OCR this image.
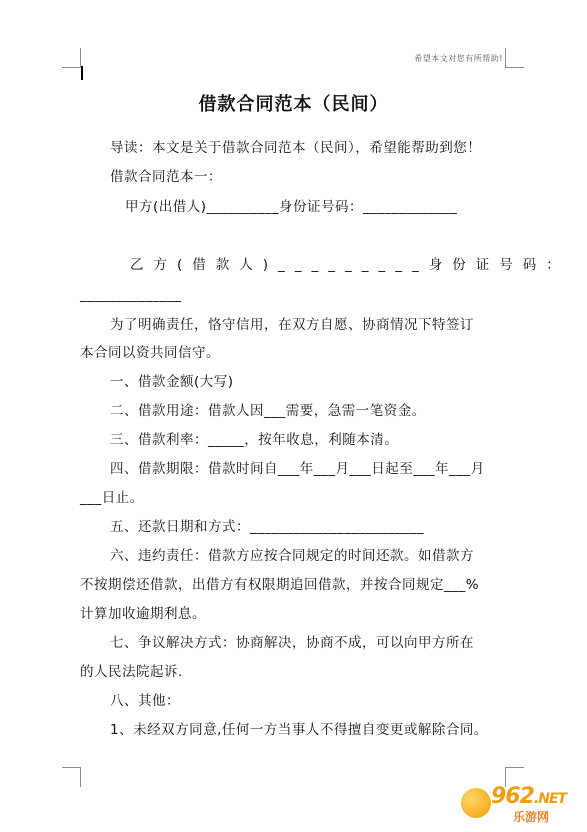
希望本文对您有所帮助!
借款合同范本（民间）
导读：本文是关于借款合同范本（民间），希望能帮助到您！
借款合同范本一：
甲方(出借人)__________身份证号码：_____________
乙方(借款人)_________身份证号码：
______________
为了明确责任，恪守信用，在双方自愿、协商情况下特签订
本合同以资共同信守。
一、借款金额(大写)
二、借款用途：借款人因___需要，急需一笔资金。
三、借款利率：_____，按年收息，利随本清。
四、借款期限：借款时间自___年___月___日起至___年___月
___日止。
五、还款日期和方式：________________________
六、违约责任：借款方应按合同规定的时间还款。如借款方
不按期偿还借款，出借方有权限期追回借款，并按合同规定___%
计算加收逾期利息。
七、争议解决方式：协商解决，协商不成，可以向甲方所在
的人民法院起诉.
八、其他：
1、未经双方同意,任何一方当事人不得擅自变更或解除合同。
962.NET
乐游网
